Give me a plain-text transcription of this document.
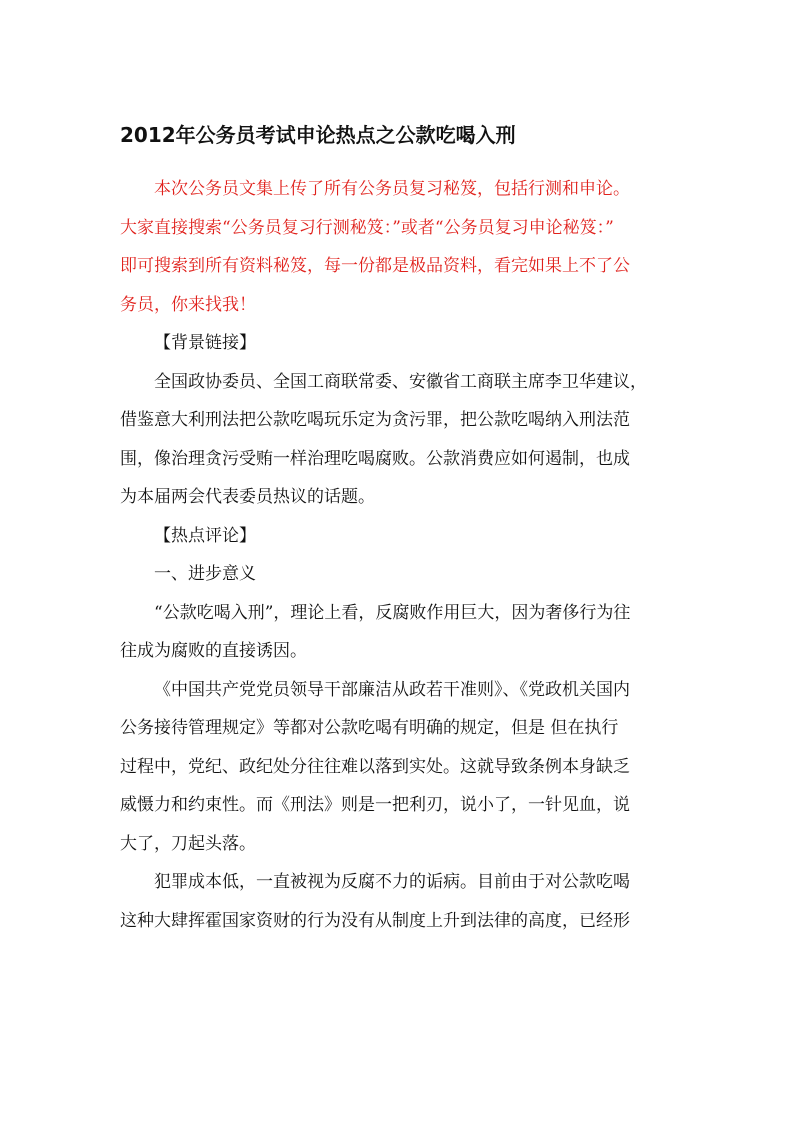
2012年公务员考试申论热点之公款吃喝入刑
本次公务员文集上传了所有公务员复习秘笈，包括行测和申论。
大家直接搜索“公务员复习行测秘笈：”或者“公务员复习申论秘笈：”
即可搜索到所有资料秘笈，每一份都是极品资料，看完如果上不了公
务员，你来找我！
【背景链接】
全国政协委员、全国工商联常委、安徽省工商联主席李卫华建议，
借鉴意大利刑法把公款吃喝玩乐定为贪污罪，把公款吃喝纳入刑法范
围，像治理贪污受贿一样治理吃喝腐败。公款消费应如何遏制，也成
为本届两会代表委员热议的话题。
【热点评论】
一、进步意义
“公款吃喝入刑”，理论上看，反腐败作用巨大，因为奢侈行为往
往成为腐败的直接诱因。
《中国共产党党员领导干部廉洁从政若干准则》、《党政机关国内
公务接待管理规定》等都对公款吃喝有明确的规定，但是 但在执行
过程中，党纪、政纪处分往往难以落到实处。这就导致条例本身缺乏
威慑力和约束性。而《刑法》则是一把利刃，说小了，一针见血，说
大了，刀起头落。
犯罪成本低，一直被视为反腐不力的诟病。目前由于对公款吃喝
这种大肆挥霍国家资财的行为没有从制度上升到法律的高度，已经形
